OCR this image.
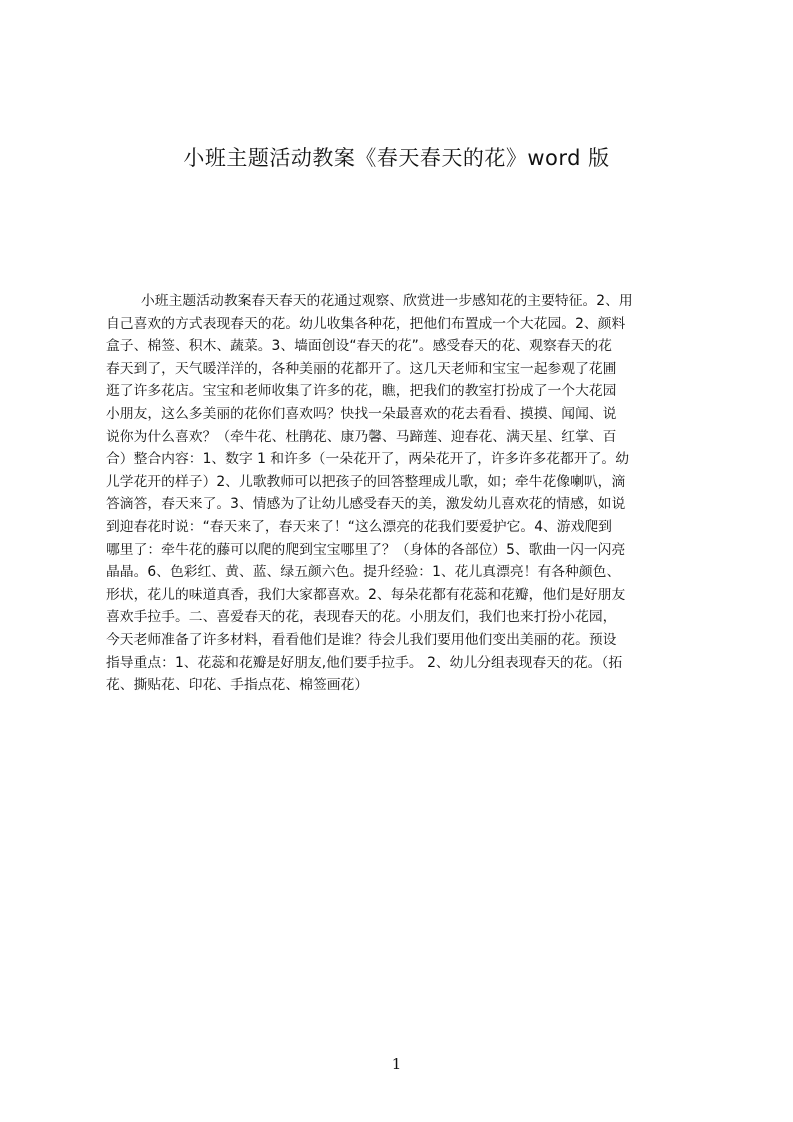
小班主题活动教案《春天春天的花》word 版
小班主题活动教案春天春天的花通过观察、欣赏进一步感知花的主要特征。2、用
自己喜欢的方式表现春天的花。幼儿收集各种花，把他们布置成一个大花园。2、颜料
盒子、棉签、积木、蔬菜。3、墙面创设“春天的花”。感受春天的花、观察春天的花
春天到了，天气暖洋洋的，各种美丽的花都开了。这几天老师和宝宝一起参观了花圃
逛了许多花店。宝宝和老师收集了许多的花，瞧，把我们的教室打扮成了一个大花园
小朋友，这么多美丽的花你们喜欢吗？快找一朵最喜欢的花去看看、摸摸、闻闻、说
说你为什么喜欢？（牵牛花、杜鹃花、康乃馨、马蹄莲、迎春花、满天星、红掌、百
合）整合内容：1、数字 1 和许多（一朵花开了，两朵花开了，许多许多花都开了。幼
儿学花开的样子）2、儿歌教师可以把孩子的回答整理成儿歌，如；牵牛花像喇叭，滴
答滴答，春天来了。3、情感为了让幼儿感受春天的美，激发幼儿喜欢花的情感，如说
到迎春花时说：“春天来了，春天来了！“这么漂亮的花我们要爱护它。4、游戏爬到
哪里了：牵牛花的藤可以爬的爬到宝宝哪里了？（身体的各部位）5、歌曲一闪一闪亮
晶晶。6、色彩红、黄、蓝、绿五颜六色。提升经验：1、花儿真漂亮！有各种颜色、
形状，花儿的味道真香，我们大家都喜欢。2、每朵花都有花蕊和花瓣，他们是好朋友
喜欢手拉手。二、喜爱春天的花，表现春天的花。小朋友们，我们也来打扮小花园，
今天老师准备了许多材料，看看他们是谁？待会儿我们要用他们变出美丽的花。预设
指导重点：1、花蕊和花瓣是好朋友,他们要手拉手。 2、幼儿分组表现春天的花。（拓
花、撕贴花、印花、手指点花、棉签画花）
1
